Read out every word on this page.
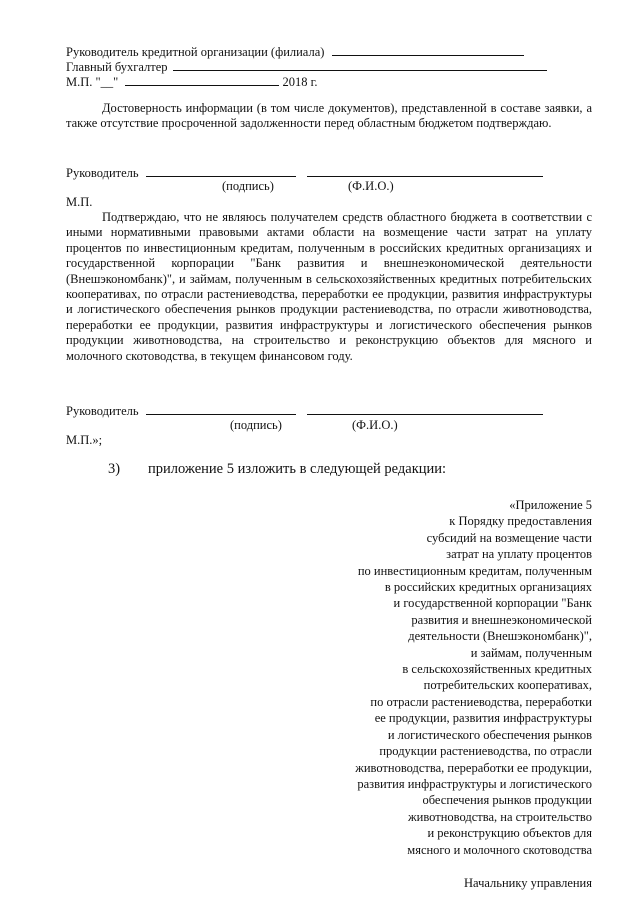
Руководитель кредитной организации (филиала)
Главный бухгалтер
М.П. "__"	2018 г.

Достоверность информации (в том числе документов), представленной в составе заявки, а также отсутствие просроченной задолженности перед областным бюджетом подтверждаю.

Руководитель
(подпись)	(Ф.И.О.)
М.П.

Подтверждаю, что не являюсь получателем средств областного бюджета в соответствии с иными нормативными правовыми актами области на возмещение части затрат на уплату процентов по инвестиционным кредитам, полученным в российских кредитных организациях и государственной корпорации "Банк развития и внешнеэкономической деятельности (Внешэкономбанк)", и займам, полученным в сельскохозяйственных кредитных потребительских кооперативах, по отрасли растениеводства, переработки ее продукции, развития инфраструктуры и логистического обеспечения рынков продукции растениеводства, по отрасли животноводства, переработки ее продукции, развития инфраструктуры и логистического обеспечения рынков продукции животноводства, на строительство и реконструкцию объектов для мясного и молочного скотоводства, в текущем финансовом году.

Руководитель
(подпись)	(Ф.И.О.)
М.П.»;
3) приложение 5 изложить в следующей редакции:
«Приложение 5
к Порядку предоставления
субсидий на возмещение части
затрат на уплату процентов
по инвестиционным кредитам, полученным
в российских кредитных организациях
и государственной корпорации "Банк
развития и внешнеэкономической
деятельности (Внешэкономбанк)",
и займам, полученным
в сельскохозяйственных кредитных
потребительских кооперативах,
по отрасли растениеводства, переработки
ее продукции, развития инфраструктуры
и логистического обеспечения рынков
продукции растениеводства, по отрасли
животноводства, переработки ее продукции,
развития инфраструктуры и логистического
обеспечения рынков продукции
животноводства, на строительство
и реконструкцию объектов для
мясного и молочного скотоводства
Начальнику управления
